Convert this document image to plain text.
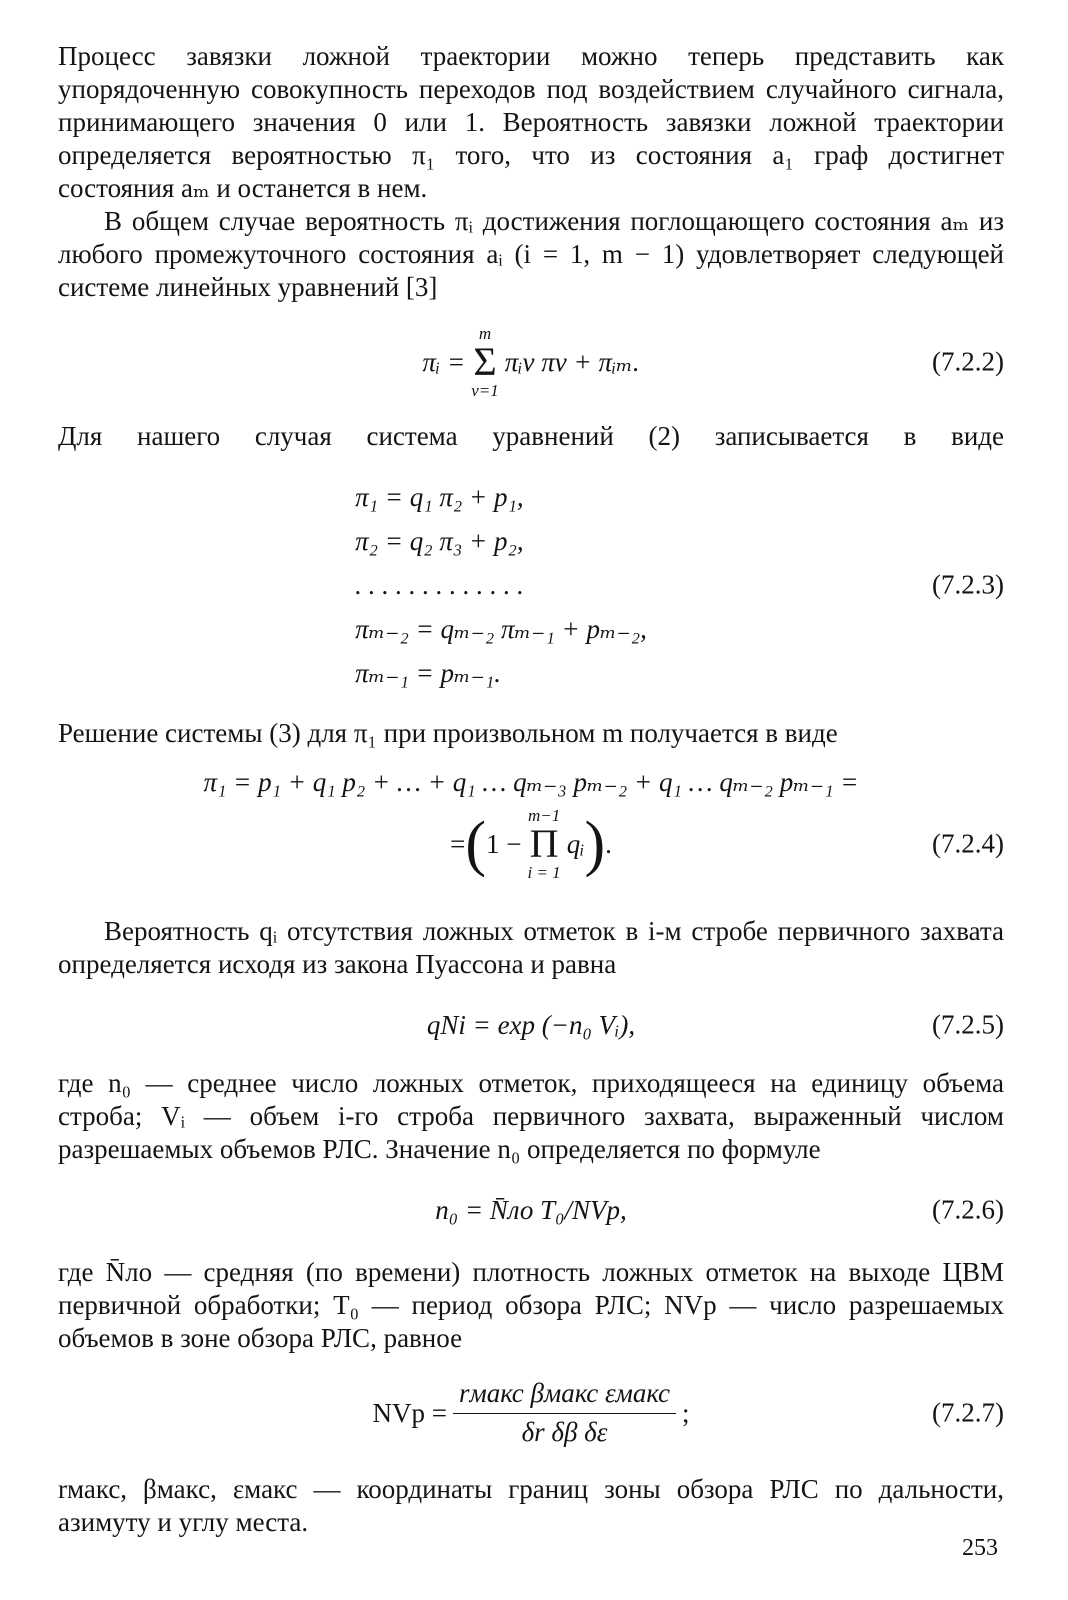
Процесс завязки ложной траектории можно теперь представить как упорядоченную совокупность переходов под воздействием случайного сигнала, принимающего значения 0 или 1. Вероятность завязки ложной траектории определяется вероятностью π₁ того, что из состояния a₁ граф достигнет состояния aₘ и останется в нем.

В общем случае вероятность πᵢ достижения поглощающего состояния aₘ из любого промежуточного состояния aᵢ (i = 1, m − 1) удовлетворяет следующей системе линейных уравнений [3]

πᵢ =
m
Σ
ν=1
πᵢν πν + πᵢₘ.	(7.2.2)

Для нашего случая система уравнений (2) записывается в виде

π₁ = q₁ π₂ + p₁,
π₂ = q₂ π₃ + p₂,
. . . . . . . . . . . . .
πₘ₋₂ = qₘ₋₂ πₘ₋₁ + pₘ₋₂,
πₘ₋₁ = pₘ₋₁.
(7.2.3)

Решение системы (3) для π₁ при произвольном m получается в виде

π₁ = p₁ + q₁ p₂ + … + q₁ … qₘ₋₃ pₘ₋₂ + q₁ … qₘ₋₂ pₘ₋₁ =
= ( 1 −
m−1
Π
i = 1
qᵢ ) .	(7.2.4)

Вероятность qᵢ отсутствия ложных отметок в i-м стробе первичного захвата определяется исходя из закона Пуассона и равна

qNi = exp (−n₀ Vᵢ),	(7.2.5)

где n₀ — среднее число ложных отметок, приходящееся на единицу объема строба; Vᵢ — объем i-го строба первичного захвата, выраженный числом разрешаемых объемов РЛС. Значение n₀ определяется по формуле

n₀ = N̄ло T₀/NVр,	(7.2.6)

где N̄ло — средняя (по времени) плотность ложных отметок на выходе ЦВМ первичной обработки; T₀ — период обзора РЛС; NVр — число разрешаемых объемов в зоне обзора РЛС, равное

NVр = $\frac{\text{rмакс βмакс εмакс}}{\text{δr δβ δε}}$ ;	(7.2.7)

rмакс, βмакс, εмакс — координаты границ зоны обзора РЛС по дальности, азимуту и углу места.

253
